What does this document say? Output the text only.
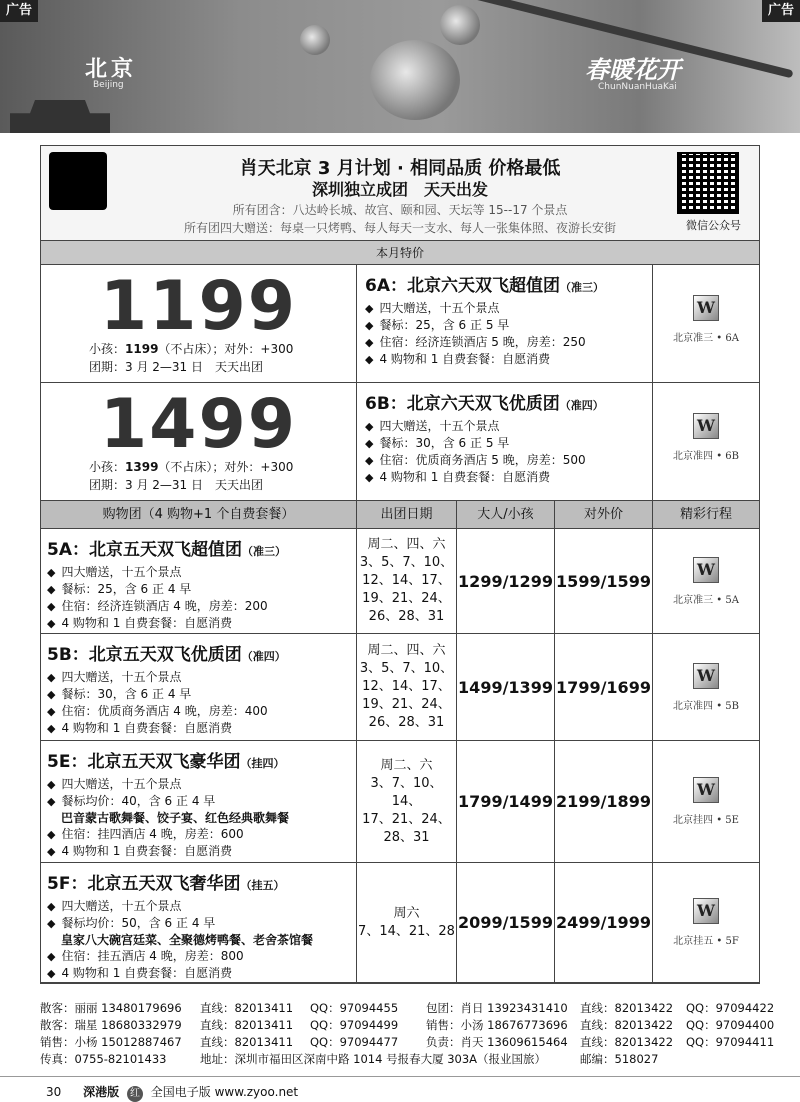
北京
Beijing
春暖花开
ChunNuanHuaKai
广告	广告
肖天北京 3 月计划 · 相同品质 价格最低
深圳独立成团　天天出发
所有团含：八达岭长城、故宫、颐和园、天坛等 15--17 个景点
所有团四大赠送：每桌一只烤鸭、每人每天一支水、每人一张集体照、夜游长安街	微信公众号
本月特价
1199
小孩：1199（不占床）；对外：+300
团期：3 月 2—31 日　天天出团
6A：北京六天双飞超值团（准三）
◆ 四大赠送，十五个景点
◆ 餐标：25，含 6 正 5 早
◆ 住宿：经济连锁酒店 5 晚，房差：250
◆ 4 购物和 1 自费套餐：自愿消费
W
北京准三 • 6A
1499
小孩：1399（不占床）；对外：+300
团期：3 月 2—31 日　天天出团
6B：北京六天双飞优质团（准四）
◆ 四大赠送，十五个景点
◆ 餐标：30，含 6 正 5 早
◆ 住宿：优质商务酒店 5 晚，房差：500
◆ 4 购物和 1 自费套餐：自愿消费
W
北京准四 • 6B
购物团（4 购物+1 个自费套餐）	出团日期	大人/小孩	对外价	精彩行程
5A：北京五天双飞超值团（准三）
◆ 四大赠送，十五个景点
◆ 餐标：25，含 6 正 4 早
◆ 住宿：经济连锁酒店 4 晚，房差：200
◆ 4 购物和 1 自费套餐：自愿消费
周二、四、六
3、5、7、10、
12、14、17、
19、21、24、
26、28、31
1299/1299 1599/1599
W
北京准三 • 5A
5B：北京五天双飞优质团（准四）
◆ 四大赠送，十五个景点
◆ 餐标：30，含 6 正 4 早
◆ 住宿：优质商务酒店 4 晚，房差：400
◆ 4 购物和 1 自费套餐：自愿消费
周二、四、六
3、5、7、10、
12、14、17、
19、21、24、
26、28、31
1499/1399 1799/1699
W
北京准四 • 5B
5E：北京五天双飞豪华团（挂四）
◆ 四大赠送，十五个景点
◆ 餐标均价：40，含 6 正 4 早
巴音蒙古歌舞餐、饺子宴、红色经典歌舞餐
◆ 住宿：挂四酒店 4 晚，房差：600
◆ 4 购物和 1 自费套餐：自愿消费
周二、六
3、7、10、14、
17、21、24、
28、31
1799/1499 2199/1899
W
北京挂四 • 5E
5F：北京五天双飞奢华团（挂五）
◆ 四大赠送，十五个景点
◆ 餐标均价：50，含 6 正 4 早
皇家八大碗宫廷菜、全聚德烤鸭餐、老舍茶馆餐
◆ 住宿：挂五酒店 4 晚，房差：800
◆ 4 购物和 1 自费套餐：自愿消费
周六
7、14、21、28 2099/1599 2499/1999
W
北京挂五 • 5F
散客：丽丽 13480179696	直线：82013411	QQ：97094455	包团：肖日 13923431410	直线：82013422	QQ：97094422
散客：瑞星 18680332979	直线：82013411	QQ：97094499	销售：小汤 18676773696	直线：82013422	QQ：97094400
销售：小杨 15012887467	直线：82013411	QQ：97094477	负责：肖天 13609615464	直线：82013422	QQ：97094411
传真：0755-82101433	地址：深圳市福田区深南中路 1014 号报春大厦 303A（报业国旅）	邮编：518027
30 深港版 红 全国电子版 www.zyoo.net
